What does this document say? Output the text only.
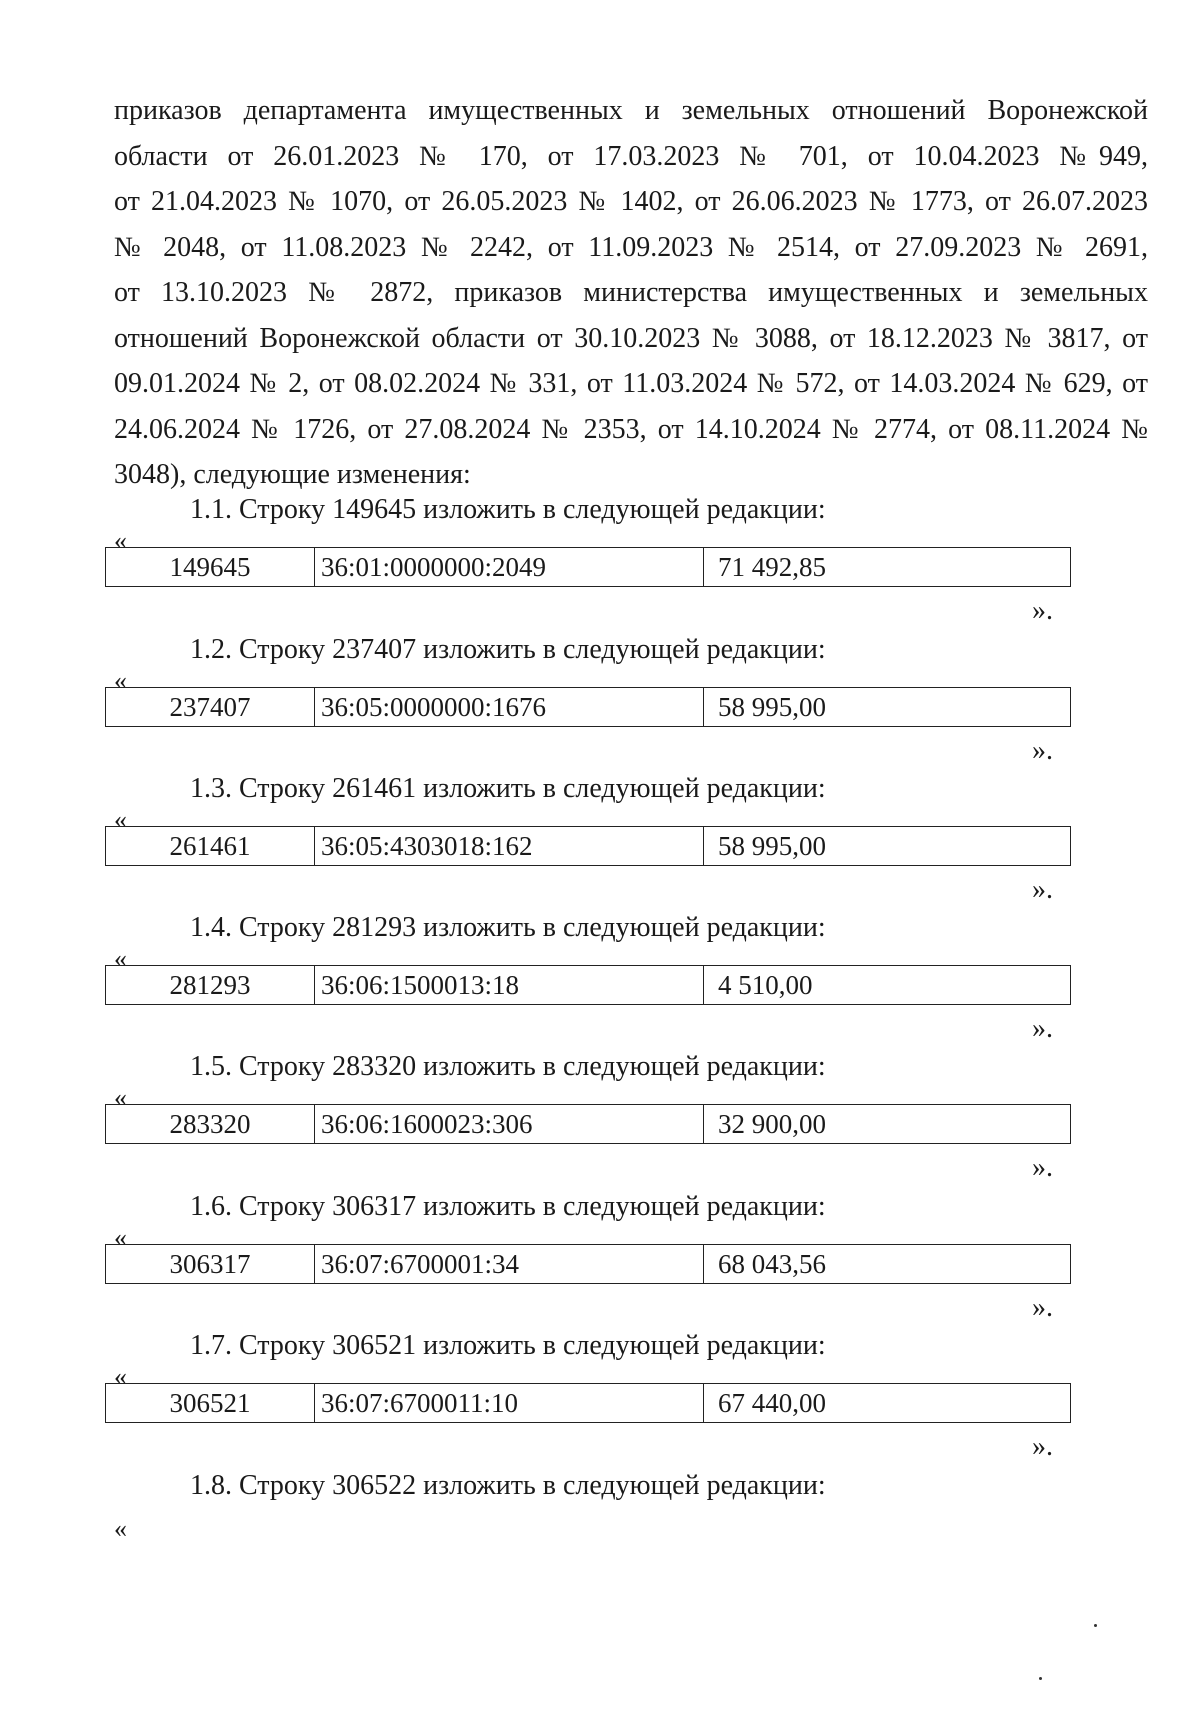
приказов департамента имущественных и земельных отношений Воронежской
области от 26.01.2023 № 170, от 17.03.2023 № 701, от 10.04.2023 №949,
от 21.04.2023 № 1070, от 26.05.2023 № 1402, от 26.06.2023 № 1773, от 26.07.2023
№ 2048, от 11.08.2023 № 2242, от 11.09.2023 № 2514, от 27.09.2023 № 2691,
от 13.10.2023 № 2872, приказов министерства имущественных и земельных
отношений Воронежской области от 30.10.2023 № 3088, от 18.12.2023 № 3817, от
09.01.2024 № 2, от 08.02.2024 № 331, от 11.03.2024 № 572, от 14.03.2024 № 629, от
24.06.2024 № 1726, от 27.08.2024 № 2353, от 14.10.2024 № 2774, от 08.11.2024 №
3048), следующие изменения:
1.1. Строку 149645 изложить в следующей редакции:
«
149645	36:01:0000000:2049	71 492,85
».
1.2. Строку 237407 изложить в следующей редакции:
«
237407	36:05:0000000:1676	58 995,00
».
1.3. Строку 261461 изложить в следующей редакции:
«
261461	36:05:4303018:162	58 995,00
».
1.4. Строку 281293 изложить в следующей редакции:
«
281293	36:06:1500013:18	4 510,00
».
1.5. Строку 283320 изложить в следующей редакции:
«
283320	36:06:1600023:306	32 900,00
».
1.6. Строку 306317 изложить в следующей редакции:
«
306317	36:07:6700001:34	68 043,56
».
1.7. Строку 306521 изложить в следующей редакции:
«
306521	36:07:6700011:10	67 440,00
».
1.8. Строку 306522 изложить в следующей редакции:
«
